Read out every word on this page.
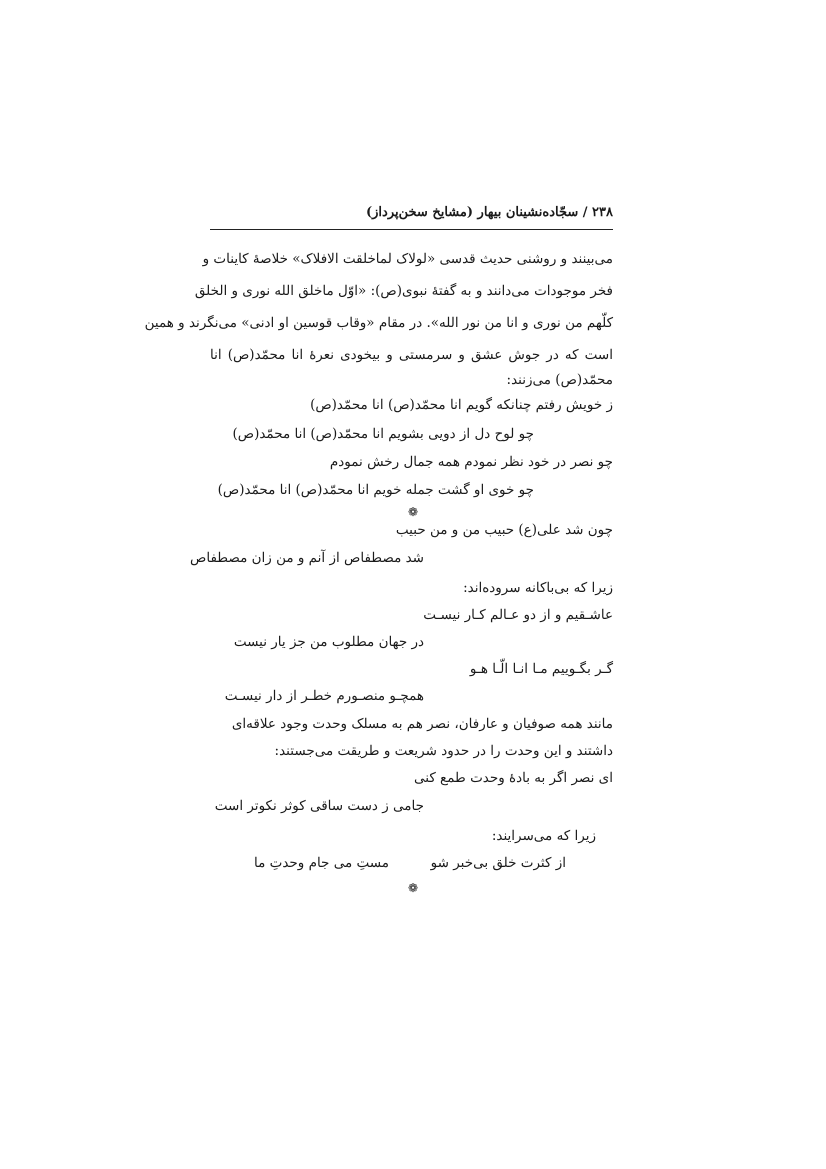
۲۳۸ / سجّاده‌نشینان بیهار (مشایخ سخن‌پرداز)
می‌بینند و روشنی حدیث قدسی «لولاک لماخلقت الافلاک» خلاصهٔ کاینات و
فخر موجودات می‌دانند و به گفتهٔ نبوی(ص): «اوّل ماخلق الله نوری و الخلق
کلّهم من نوری و انا من نور الله». در مقام «وقاب قوسین او ادنی» می‌نگرند و همین
است که در جوش عشق و سرمستی و بیخودی نعرهٔ انا محمّد(ص) انا
محمّد(ص) می‌زنند:
ز خویش رفتم چنانکه گویم انا محمّد(ص) انا محمّد(ص)
چو لوح دل از دویی بشویم انا محمّد(ص) انا محمّد(ص)
چو نصر در خود نظر نمودم همه جمال رخش نمودم
چو خوی او گشت جمله خویم انا محمّد(ص) انا محمّد(ص)
❁
چون شد علی(ع) حبیب من و من حبیب
شد مصطفاص از آنم و من زان مصطفاص
زیرا که بی‌باکانه سروده‌اند:
عاشـقیم و از دو عـالم کـار نیسـت
در جهان مطلوب من جز یار نیست
گـر بگـوییم مـا انـا الّـا هـو
همچـو منصـورم خطـر از دار نیسـت
مانند همه صوفیان و عارفان، نصر هم به مسلک وحدت وجود علاقه‌ای
داشتند و این وحدت را در حدود شریعت و طریقت می‌جستند:
ای نصر اگر به بادهٔ وحدت طمع کنی
جامی ز دست ساقی کوثر نکوتر است
زیرا که می‌سرایند:
از کثرت خلق بی‌خبر شو
مستِ می جام وحدتِ ما
❁
